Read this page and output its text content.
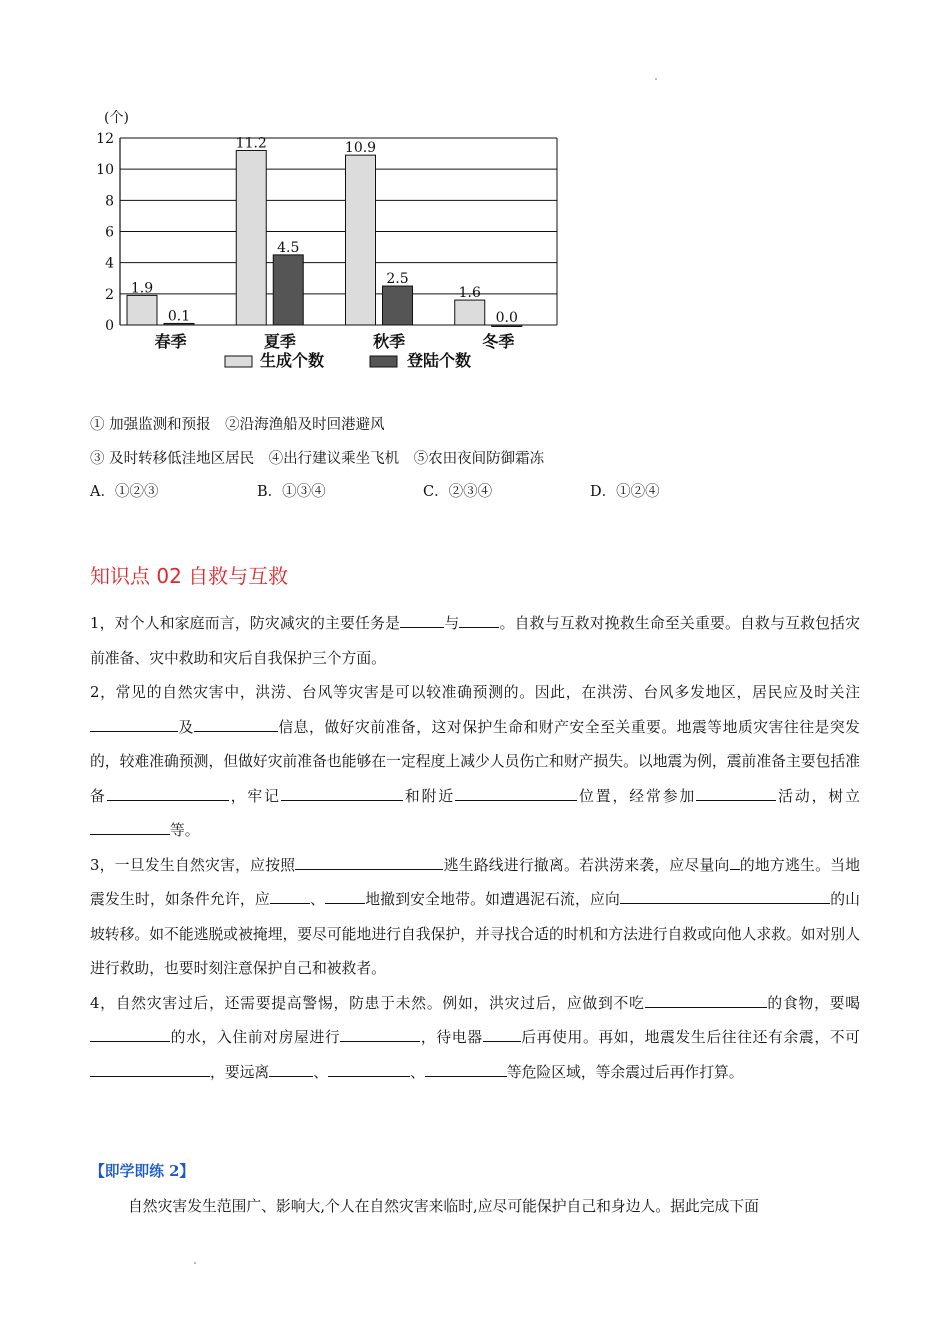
(个)
0
2
4
6
8
10
12
1.9
0.1
春季
11.2
4.5
夏季
10.9
2.5
秋季
1.6
0.0
冬季
生成个数	登陆个数
① 加强监测和预报　②沿海渔船及时回港避风
③ 及时转移低洼地区居民　④出行建议乘坐飞机　⑤农田夜间防御霜冻
A．①②③	B．①③④	C．②③④	D．①②④
知识点 02 自救与互救

1，对个人和家庭而言，防灾减灾的主要任务是	与	。自救与互救对挽救生命至关重要。自救与互救包括灾前准备、灾中救助和灾后自我保护三个方面。

2，常见的自然灾害中，洪涝、台风等灾害是可以较准确预测的。因此，在洪涝、台风多发地区，居民应及时关注及	信息，做好灾前准备，这对保护生命和财产安全至关重要。地震等地质灾害往往是突发的，较难准确预测，但做好灾前准备也能够在一定程度上减少人员伤亡和财产损失。以地震为例，震前准备主要包括准备	，牢记	和附近	位置，经常参加	活动，树立等。

3，一旦发生自然灾害，应按照	逃生路线进行撤离。若洪涝来袭，应尽量向 的地方逃生。当地震发生时，如条件允许，应	、	地撤到安全地带。如遭遇泥石流，应向	的山坡转移。如不能逃脱或被掩埋，要尽可能地进行自我保护，并寻找合适的时机和方法进行自救或向他人求救。如对别人进行救助，也要时刻注意保护自己和被救者。

4，自然灾害过后，还需要提高警惕，防患于未然。例如，洪灾过后，应做到不吃	的食物，要喝的水，入住前对房屋进行	，待电器	后再使用。再如，地震发生后往往还有余震，不可，要远离	、	、	等危险区域，等余震过后再作打算。

【即学即练 2】
自然灾害发生范围广、影响大,个人在自然灾害来临时,应尽可能保护自己和身边人。据此完成下面
